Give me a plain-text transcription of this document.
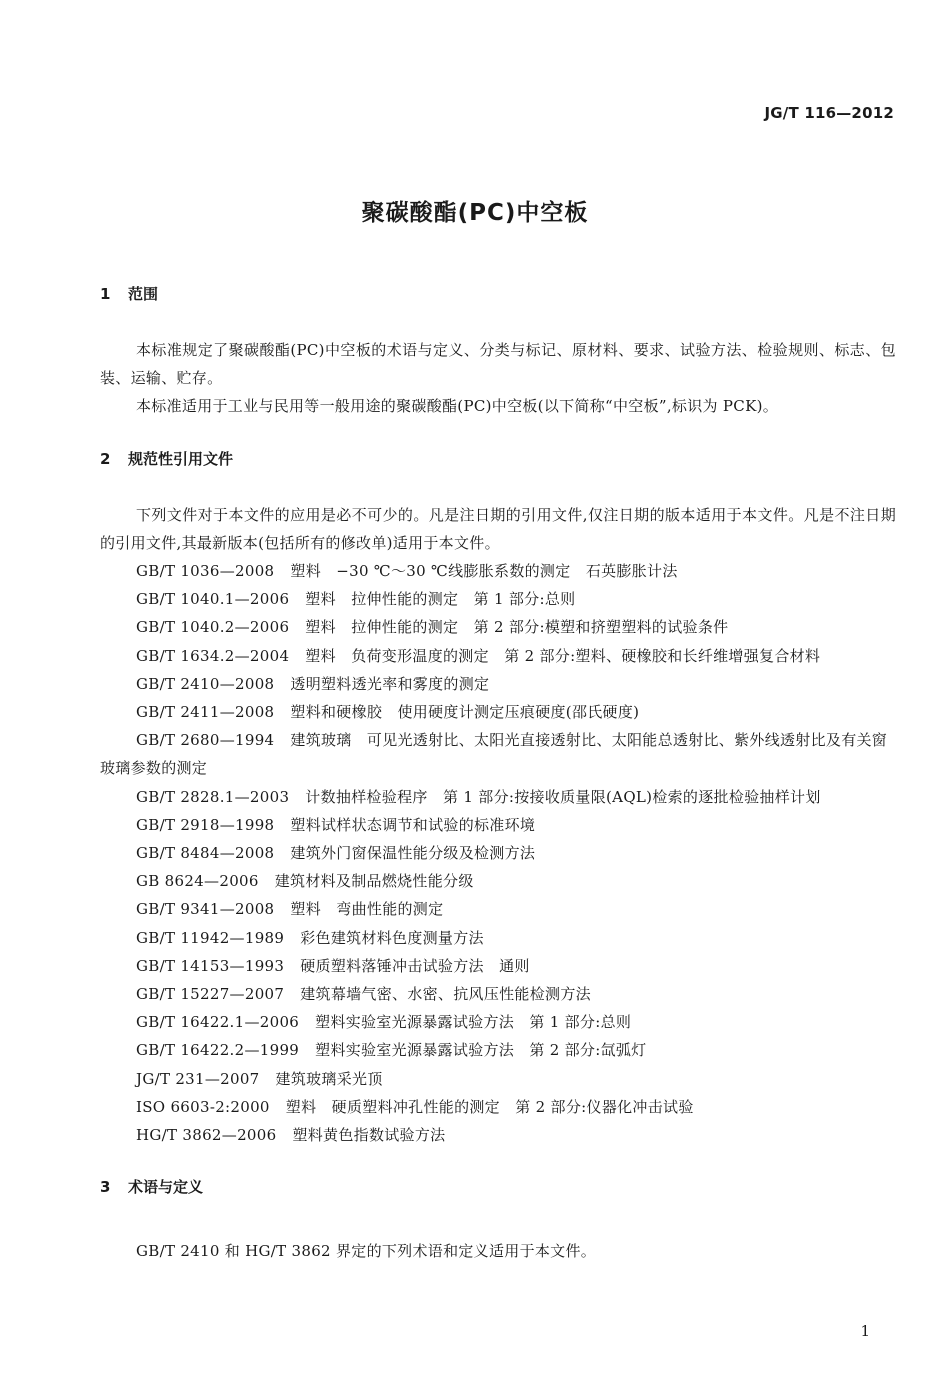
JG/T 116—2012
聚碳酸酯(PC)中空板
1 范围
本标准规定了聚碳酸酯(PC)中空板的术语与定义、分类与标记、原材料、要求、试验方法、检验规则、标志、包装、运输、贮存。
本标准适用于工业与民用等一般用途的聚碳酸酯(PC)中空板(以下简称“中空板”,标识为 PCK)。
2 规范性引用文件
下列文件对于本文件的应用是必不可少的。凡是注日期的引用文件,仅注日期的版本适用于本文件。凡是不注日期的引用文件,其最新版本(包括所有的修改单)适用于本文件。
GB/T 1036—2008 塑料　−30 ℃～30 ℃线膨胀系数的测定　石英膨胀计法
GB/T 1040.1—2006 塑料　拉伸性能的测定　第 1 部分:总则
GB/T 1040.2—2006 塑料　拉伸性能的测定　第 2 部分:模塑和挤塑塑料的试验条件
GB/T 1634.2—2004 塑料　负荷变形温度的测定　第 2 部分:塑料、硬橡胶和长纤维增强复合材料
GB/T 2410—2008 透明塑料透光率和雾度的测定
GB/T 2411—2008 塑料和硬橡胶　使用硬度计测定压痕硬度(邵氏硬度)
GB/T 2680—1994 建筑玻璃　可见光透射比、太阳光直接透射比、太阳能总透射比、紫外线透射比及有关窗玻璃参数的测定
GB/T 2828.1—2003 计数抽样检验程序　第 1 部分:按接收质量限(AQL)检索的逐批检验抽样计划
GB/T 2918—1998 塑料试样状态调节和试验的标准环境
GB/T 8484—2008 建筑外门窗保温性能分级及检测方法
GB 8624—2006 建筑材料及制品燃烧性能分级
GB/T 9341—2008 塑料　弯曲性能的测定
GB/T 11942—1989 彩色建筑材料色度测量方法
GB/T 14153—1993 硬质塑料落锤冲击试验方法　通则
GB/T 15227—2007 建筑幕墙气密、水密、抗风压性能检测方法
GB/T 16422.1—2006 塑料实验室光源暴露试验方法　第 1 部分:总则
GB/T 16422.2—1999 塑料实验室光源暴露试验方法　第 2 部分:氙弧灯
JG/T 231—2007 建筑玻璃采光顶
ISO 6603-2:2000 塑料　硬质塑料冲孔性能的测定　第 2 部分:仪器化冲击试验
HG/T 3862—2006 塑料黄色指数试验方法
3 术语与定义
GB/T 2410 和 HG/T 3862 界定的下列术语和定义适用于本文件。
1
